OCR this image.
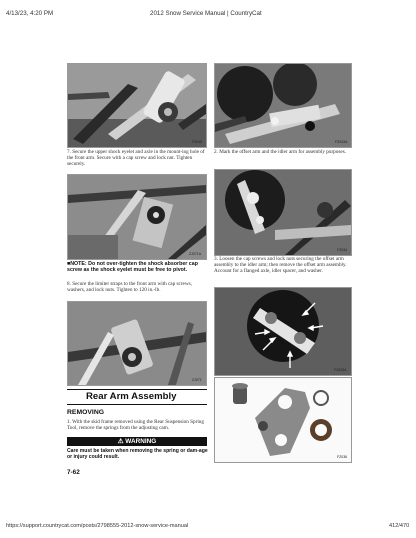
4/13/23, 4:20 PM	2012 Snow Service Manual | CountryCat
FZ045	FZ033A
7. Secure the upper shock eyelet and axle in the mount-ing hole of the front arm. Secure with a cap screw and lock nut. Tighten securely.
2. Mark the offset arm and the idler arm for assembly purposes.
ZJ071A
FZ034
■NOTE: Do not over-tighten the shock absorber cap screw as the shock eyelet must be free to pivot.
8. Secure the limiter straps to the front arm with cap screws, washers, and lock nuts. Tighten to 120 in.-lb.
3. Loosen the cap screws and lock nuts securing the offset arm assembly to the idler arm; then remove the offset arm assembly. Account for a flanged axle, idler spacer, and washer.
ZJ071
FZ033A
FZ036
Rear Arm Assembly
REMOVING
1. With the skid frame removed using the Rear Suspension Spring Tool, remove the springs from the adjusting cam.
⚠ WARNING
Care must be taken when removing the spring or dam-age or injury could result.
7-62
https://support.countrycat.com/posts/2798555-2012-snow-service-manual	412/470
